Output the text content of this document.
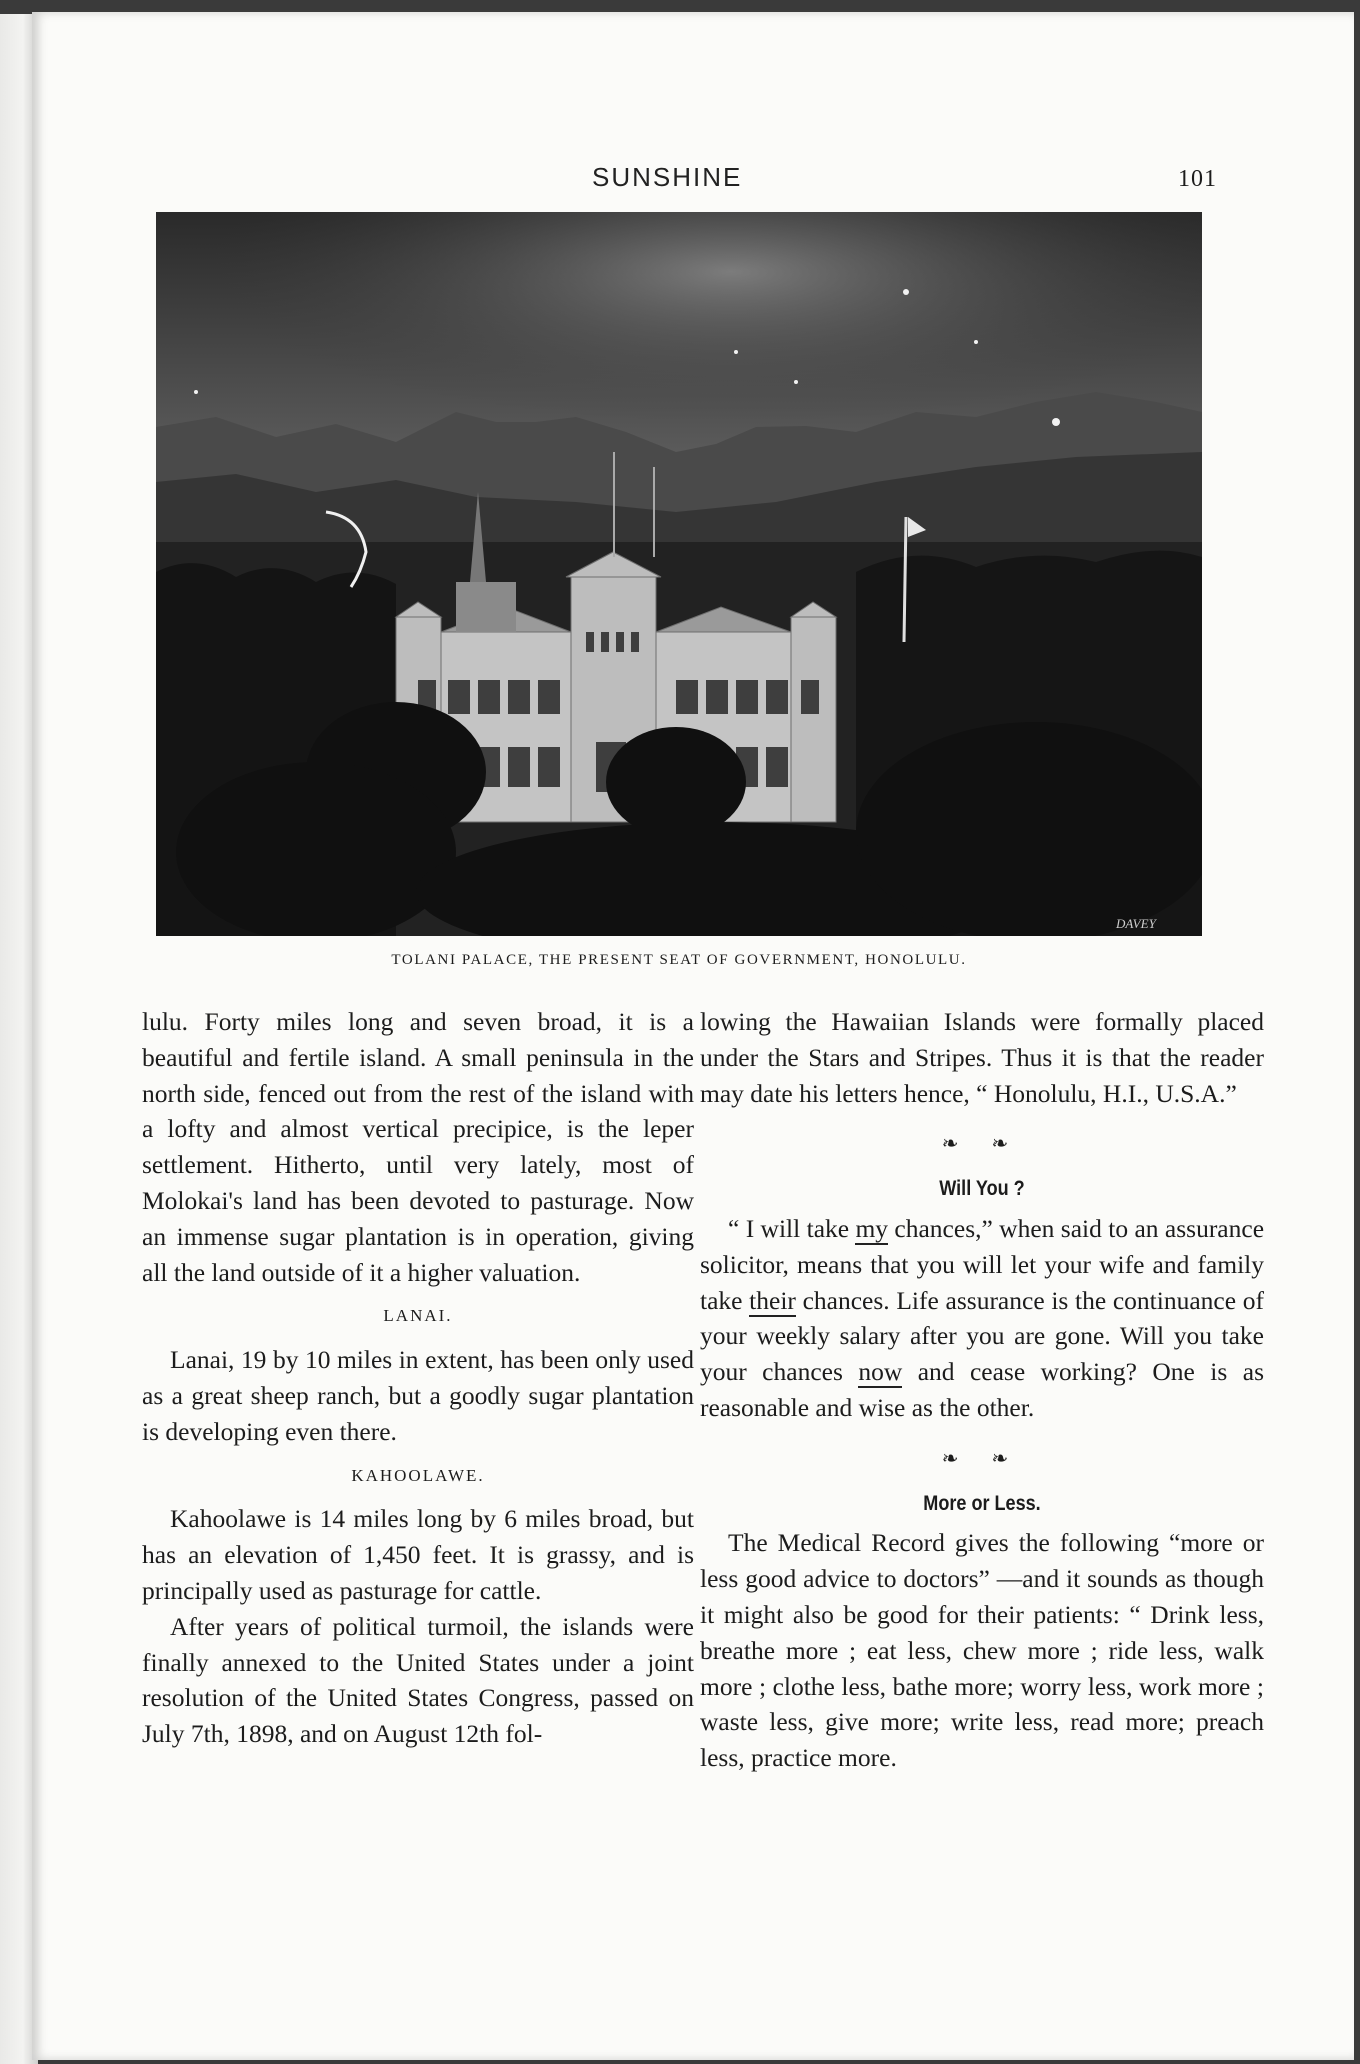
SUNSHINE	101
DAVEY
TOLANI PALACE, THE PRESENT SEAT OF GOVERNMENT, HONOLULU.

lulu. Forty miles long and seven broad, it is a beautiful and fertile island. A small peninsula in the north side, fenced out from the rest of the island with a lofty and almost vertical precipice, is the leper settlement. Hitherto, until very lately, most of Molokai's land has been devoted to pasturage. Now an immense sugar plantation is in operation, giving all the land outside of it a higher valuation.

LANAI.

Lanai, 19 by 10 miles in extent, has been only used as a great sheep ranch, but a goodly sugar plantation is developing even there.

KAHOOLAWE.

Kahoolawe is 14 miles long by 6 miles broad, but has an elevation of 1,450 feet. It is grassy, and is principally used as pasturage for cattle.

After years of political turmoil, the islands were finally annexed to the United States under a joint resolution of the United States Congress, passed on July 7th, 1898, and on August 12th fol-

lowing the Hawaiian Islands were formally placed under the Stars and Stripes. Thus it is that the reader may date his letters hence, “ Honolulu, H.I., U.S.A.”

❧ ❧
Will You ?

“ I will take my chances,” when said to an assurance solicitor, means that you will let your wife and family take their chances. Life assurance is the continuance of your weekly salary after you are gone. Will you take your chances now and cease working? One is as reasonable and wise as the other.

❧ ❧
More or Less.

The Medical Record gives the following “more or less good advice to doctors” —and it sounds as though it might also be good for their patients: “ Drink less, breathe more ; eat less, chew more ; ride less, walk more ; clothe less, bathe more; worry less, work more ; waste less, give more; write less, read more; preach less, practice more.
